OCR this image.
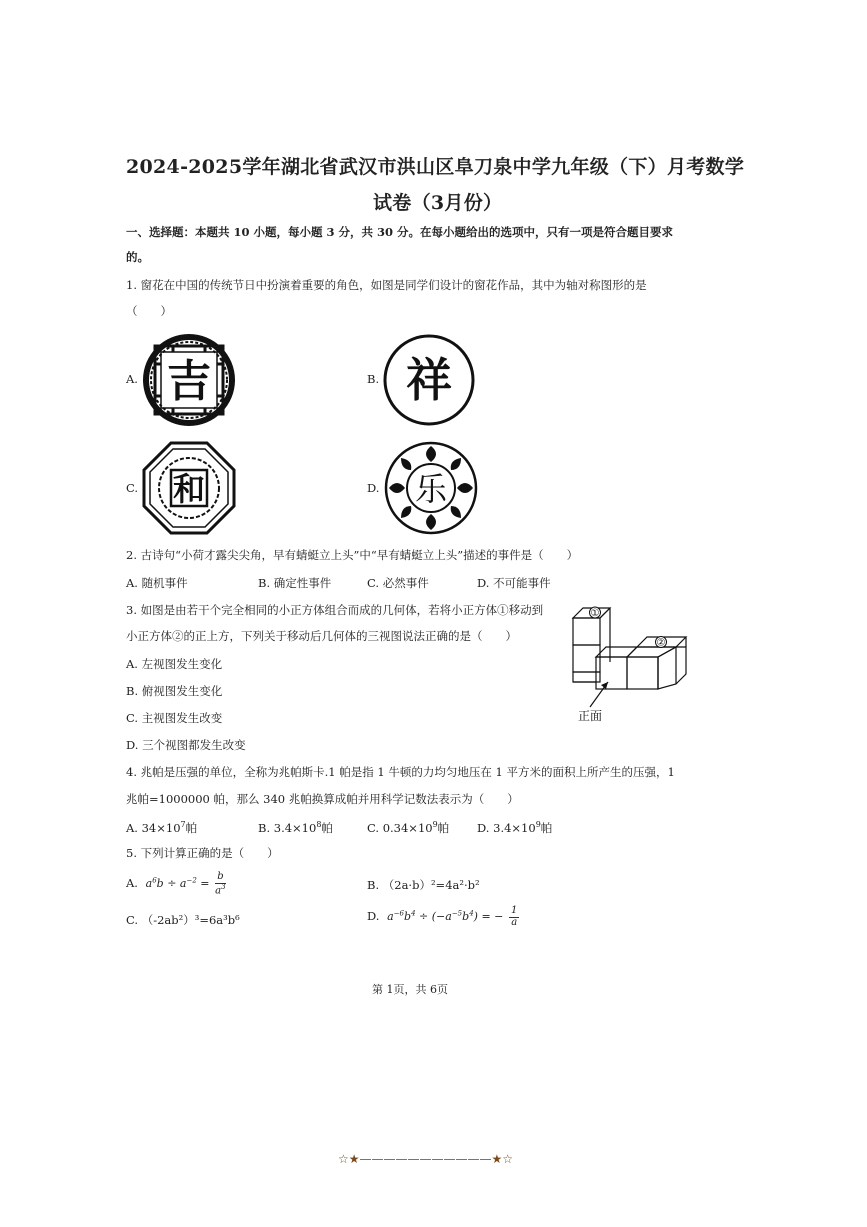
2024-2025学年湖北省武汉市洪山区阜刀泉中学九年级（下）月考数学
试卷（3月份）
一、选择题：本题共 10 小题，每小题 3 分，共 30 分。在每小题给出的选项中，只有一项是符合题目要求
的。
1. 窗花在中国的传统节日中扮演着重要的角色，如图是同学们设计的窗花作品，其中为轴对称图形的是
（　　）
A. 吉	B. 祥
C. 和	D. 乐
2. 古诗句“小荷才露尖尖角，早有蜻蜓立上头”中“早有蜻蜓立上头”描述的事件是（　　）
A. 随机事件	B. 确定性事件	C. 必然事件	D. 不可能事件
3. 如图是由若干个完全相同的小正方体组合而成的几何体，若将小正方体①移动到
小正方体②的正上方，下列关于移动后几何体的三视图说法正确的是（　　）
A. 左视图发生变化
B. 俯视图发生变化
C. 主视图发生改变
D. 三个视图都发生改变
①
②
正面
4. 兆帕是压强的单位，全称为兆帕斯卡.1 帕是指 1 牛顿的力均匀地压在 1 平方米的面积上所产生的压强，1
兆帕=1000000 帕，那么 340 兆帕换算成帕并用科学记数法表示为（　　）
A. $34\times 10^7$帕	B. $3.4\times 10^8$帕	C. $0.34\times 10^9$帕 D. $3.4\times 10^9$帕
5. 下列计算正确的是（　　）
A. $a^6b \div a^{-2} = \frac{b}{a^3}$	B. （2a·b）²=4a²·b²
C. （-2ab²）³=6a³b⁶	D. $a^{-6}b^4 \div (-a^{-5}b^4)$ = − $\frac{1}{a}$
第 1页，共 6页
☆★———————————★☆
